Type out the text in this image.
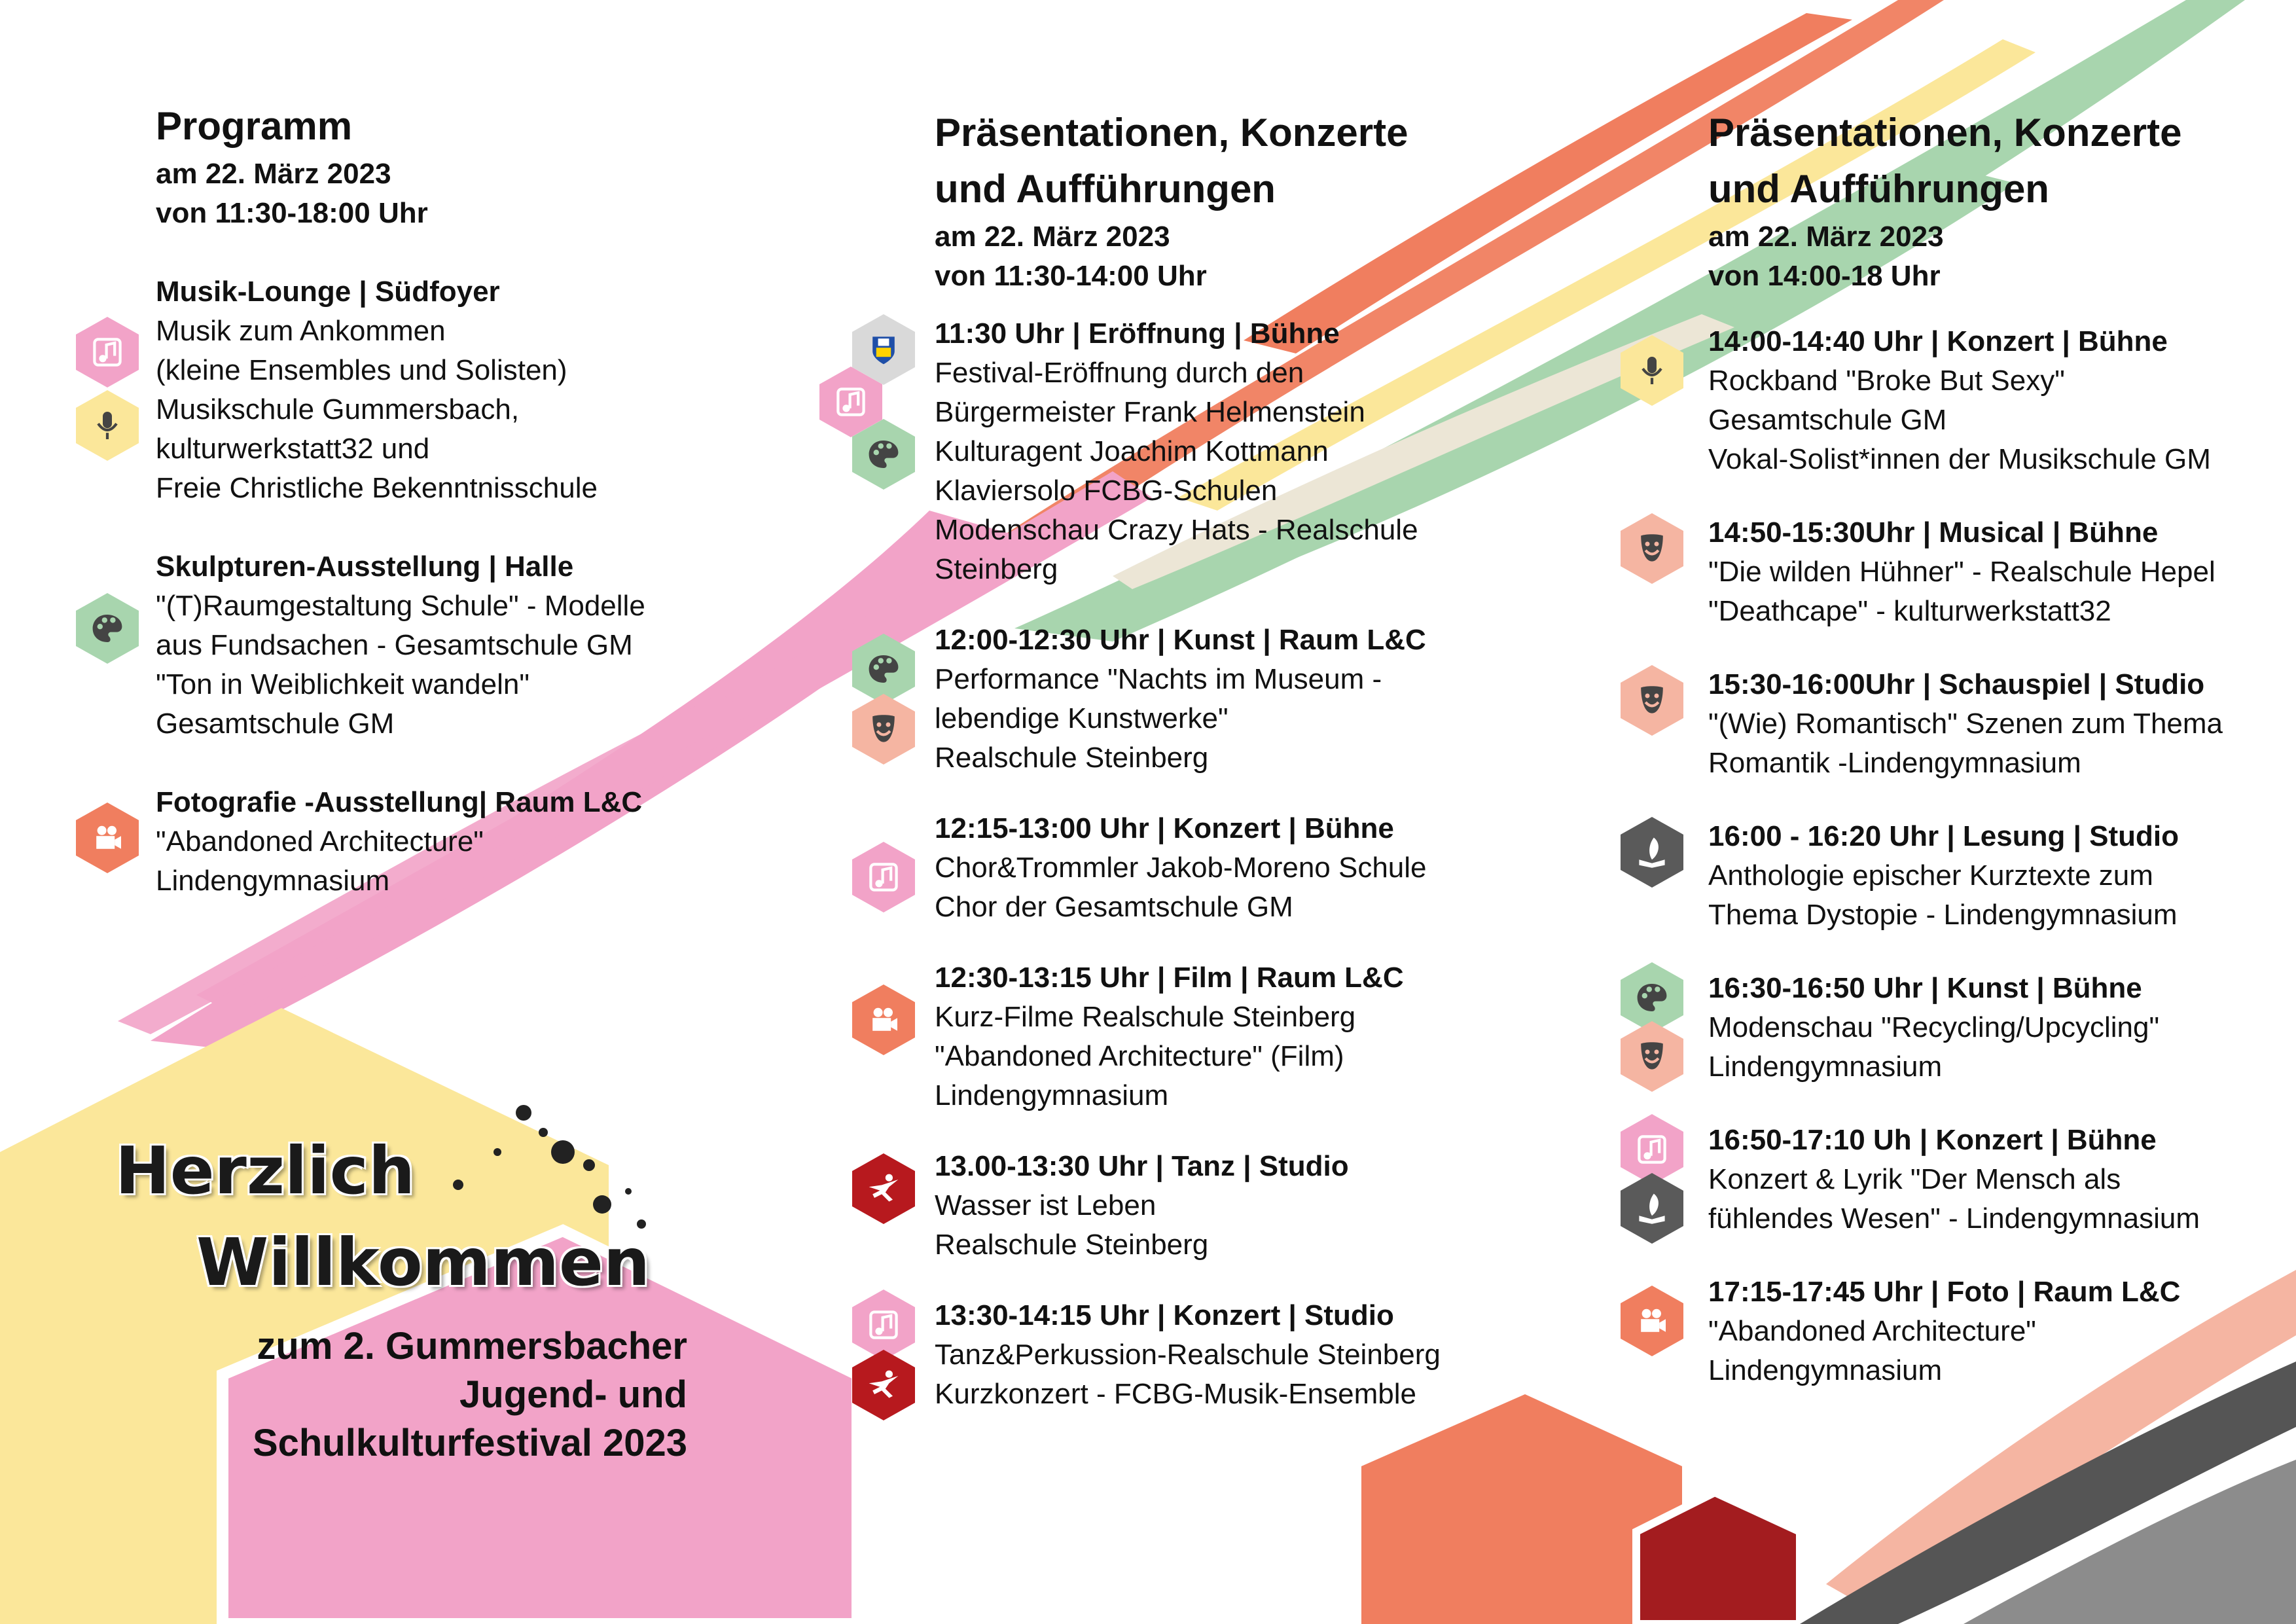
Programm
am 22. März 2023
von 11:30-18:00 Uhr
Musik-Lounge | Südfoyer
Musik zum Ankommen
(kleine Ensembles und Solisten)
Musikschule Gummersbach,
kulturwerkstatt32 und
Freie Christliche Bekenntnisschule
Skulpturen-Ausstellung | Halle
"(T)Raumgestaltung Schule" - Modelle
aus Fundsachen - Gesamtschule GM
"Ton in Weiblichkeit wandeln"
Gesamtschule GM
Fotografie -Ausstellung| Raum L&C
"Abandoned Architecture"
Lindengymnasium
Präsentationen, Konzerte
und Aufführungen
am 22. März 2023
von 11:30-14:00 Uhr
11:30 Uhr | Eröffnung | Bühne
Festival-Eröffnung durch den
Bürgermeister Frank Helmenstein
Kulturagent Joachim Kottmann
Klaviersolo FCBG-Schulen
Modenschau Crazy Hats - Realschule
Steinberg
12:00-12:30 Uhr | Kunst | Raum L&C
Performance "Nachts im Museum -
lebendige Kunstwerke"
Realschule Steinberg
12:15-13:00 Uhr | Konzert | Bühne
Chor&Trommler Jakob-Moreno Schule
Chor der Gesamtschule GM
12:30-13:15 Uhr | Film | Raum L&C
Kurz-Filme Realschule Steinberg
"Abandoned Architecture" (Film)
Lindengymnasium
13.00-13:30 Uhr | Tanz | Studio
Wasser ist Leben
Realschule Steinberg
13:30-14:15 Uhr | Konzert | Studio
Tanz&Perkussion-Realschule Steinberg
Kurzkonzert - FCBG-Musik-Ensemble
Präsentationen, Konzerte
und Aufführungen
am 22. März 2023
von 14:00-18 Uhr
14:00-14:40 Uhr | Konzert | Bühne
Rockband "Broke But Sexy"
Gesamtschule GM
Vokal-Solist*innen der Musikschule GM
14:50-15:30Uhr | Musical | Bühne
"Die wilden Hühner" - Realschule Hepel
"Deathcape" - kulturwerkstatt32
15:30-16:00Uhr | Schauspiel | Studio
"(Wie) Romantisch" Szenen zum Thema
Romantik -Lindengymnasium
16:00 - 16:20 Uhr | Lesung | Studio
Anthologie epischer Kurztexte zum
Thema Dystopie - Lindengymnasium
16:30-16:50 Uhr | Kunst | Bühne
Modenschau "Recycling/Upcycling"
Lindengymnasium
16:50-17:10 Uh | Konzert | Bühne
Konzert & Lyrik "Der Mensch als
fühlendes Wesen" - Lindengymnasium
17:15-17:45 Uhr | Foto | Raum L&C
"Abandoned Architecture"
Lindengymnasium
Herzlich
Willkommen
zum 2. Gummersbacher
Jugend- und
Schulkulturfestival 2023
